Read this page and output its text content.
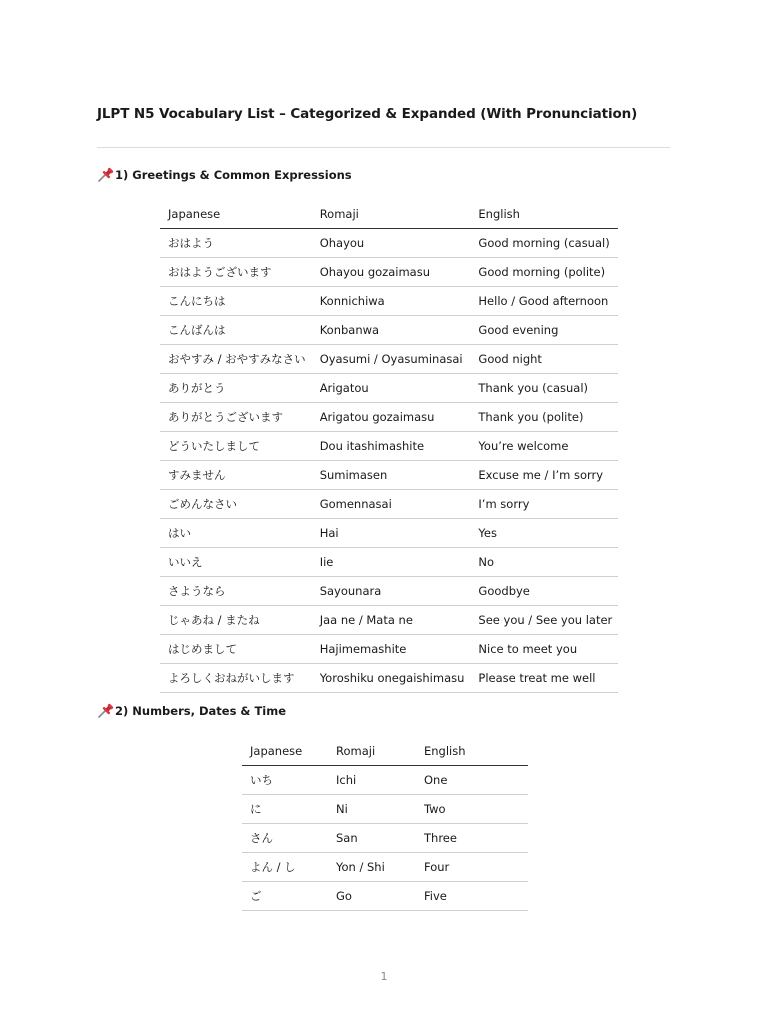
JLPT N5 Vocabulary List – Categorized & Expanded (With Pronunciation)
1) Greetings & Common Expressions
Japanese	Romaji	English
おはよう	Ohayou	Good morning (casual)
おはようございます	Ohayou gozaimasu	Good morning (polite)
こんにちは	Konnichiwa	Hello / Good afternoon
こんばんは	Konbanwa	Good evening
おやすみ / おやすみなさい	Oyasumi / Oyasuminasai	Good night
ありがとう	Arigatou	Thank you (casual)
ありがとうございます	Arigatou gozaimasu	Thank you (polite)
どういたしまして	Dou itashimashite	You’re welcome
すみません	Sumimasen	Excuse me / I’m sorry
ごめんなさい	Gomennasai	I’m sorry
はい	Hai	Yes
いいえ	Iie	No
さようなら	Sayounara	Goodbye
じゃあね / またね	Jaa ne / Mata ne	See you / See you later
はじめまして	Hajimemashite	Nice to meet you
よろしくおねがいします	Yoroshiku onegaishimasu	Please treat me well
2) Numbers, Dates & Time
Japanese	Romaji	English
いち	Ichi	One
に	Ni	Two
さん	San	Three
よん / し	Yon / Shi	Four
ご	Go	Five
1
